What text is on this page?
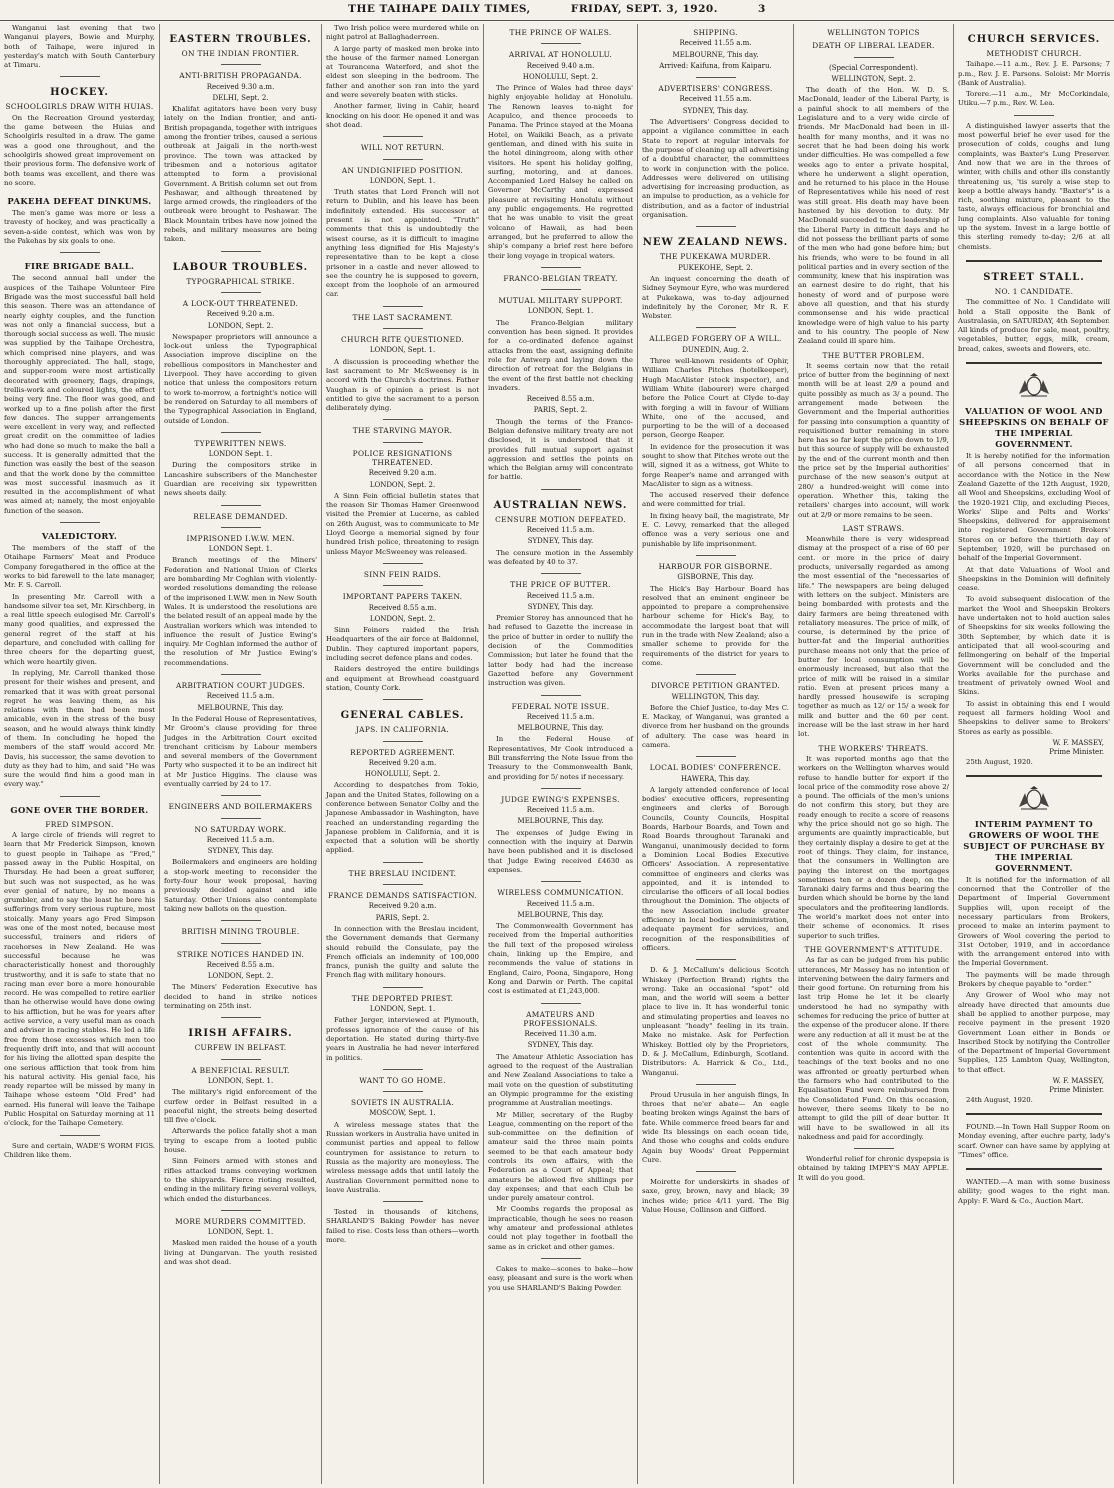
THE TAIHAPE DAILY TIMES,	FRIDAY, SEPT. 3, 1920.	3

Wanganui last evening that two Wanganui players, Bowie and Murphy, both of Taihape, were injured in yesterday's match with South Canterbury at Timaru.

HOCKEY.
SCHOOLGIRLS DRAW WITH HUIAS.

On the Recreation Ground yesterday, the game between the Huias and Schoolgirls resulted in a draw. The game was a good one throughout, and the schoolgirls showed great improvement on their previous form. The defensive work of both teams was excellent, and there was no score.

PAKEHA DEFEAT DINKUMS.

The men's game was more or less a travesty of hockey, and was practically a seven-a-side contest, which was won by the Pakehas by six goals to one.

FIRE BRIGADE BALL.

The second annual ball under the auspices of the Taihape Volunteer Fire Brigade was the most successful ball held this season. There was an attendance of nearly eighty couples, and the function was not only a financial success, but a thorough social success as well. The music was supplied by the Taihape Orchestra, which comprised nine players, and was thoroughly appreciated. The hall, stage, and supper-room were most artistically decorated with greenery, flags, drapings, trellis-work and coloured lights, the effect being very fine. The floor was good, and worked up to a fine polish after the first few dances. The supper arrangements were excellent in very way, and reflected great credit on the committee of ladies who had done so much to make the ball a success. It is generally admitted that the function was easily the best of the season and that the work done by the committee was most successful inasmuch as it resulted in the accomplishment of what was aimed at; namely, the most enjoyable function of the season.

VALEDICTORY.

The members of the staff of the Otaihape Farmers' Meat and Produce Company foregathered in the office at the works to bid farewell to the late manager, Mr. F. S. Carroll.

In presenting Mr. Carroll with a handsome silver tea set, Mr. Kirschberg, in a real little speech eulogised Mr. Carroll's many good qualities, and expressed the general regret of the staff at his departure, and concluded with calling for three cheers for the departing guest, which were heartily given.

In replying, Mr. Carroll thanked those present for their wishes and present, and remarked that it was with great personal regret he was leaving them, as his relations with them had been most amicable, even in the stress of the busy season, and he would always think kindly of them. In concluding he hoped the members of the staff would accord Mr. Davis, his successor, the same devotion to duty as they had to him, and said "He was sure the would find him a good man in every way."

GONE OVER THE BORDER.
FRED SIMPSON.

A large circle of friends will regret to learn that Mr Frederick Simpson, known to guest people in Taihape as "Fred," passed away in the Public Hospital, on Thursday. He had been a great sufferer, but such was not suspected, as he was ever genial of nature, by no means a grumbler, and to say the least he bore his sufferings from very serious rupture, most stoically. Many years ago Fred Simpson was one of the most noted, because most successful, trainers and riders of racehorses in New Zealand. He was successful because he was characteristically honest and thoroughly trustworthy, and it is safe to state that no racing man ever bore a more honourable record. He was compelled to retire earlier than he otherwise would have done owing to his affliction, but he was for years after active service, a very useful man as coach and adviser in racing stables. He led a life free from those excesses which men too frequently drift into, and that will account for his living the allotted span despite the one serious affliction that took from him his natural activity. His genial face, his ready repartee will be missed by many in Taihape whose esteem "Old Fred" had earned. His funeral will leave the Taihape Public Hospital on Saturday morning at 11 o'clock, for the Taihape Cemetery.

Sure and certain, WADE'S WORM FIGS. Children like them.

EASTERN TROUBLES.
ON THE INDIAN FRONTIER.
ANTI-BRITISH PROPAGANDA.
Received 9.30 a.m.
DELHI, Sept. 2.

Khalifat agitators have been very busy lately on the Indian frontier, and anti-British propaganda, together with intrigues among the frontier tribes, caused a serious outbreak at Jaigali in the north-west province. The town was attacked by tribesmen and a notorious agitator attempted to form a provisional Government. A British column set out from Peshawar, and although threatened by large armed crowds, the ringleaders of the outbreak were brought to Peshawar. The Black Mountain tribes have now joined the rebels, and military measures are being taken.

LABOUR TROUBLES.
TYPOGRAPHICAL STRIKE.
A LOCK-OUT THREATENED.
Received 9.20 a.m.
LONDON, Sept. 2.

Newspaper proprietors will announce a lock-out unless the Typographical Association improve discipline on the rebellious compositors in Manchester and Liverpool. They have according to given notice that unless the compositors return to work to-morrow, a fortnight's notice will be rendered on Saturday to all members of the Typographical Association in England, outside of London.

TYPEWRITTEN NEWS.
LONDON Sept. 1.

During the compositors strike in Lancashire subscribers of the Manchester Guardian are receiving six typewritten news sheets daily.

RELEASE DEMANDED.
IMPRISONED I.W.W. MEN.
LONDON Sept. 1.

Branch meetings of the Miners' Federation and National Union of Clerks are bombarding Mr Coghlan with violently-worded resolutions demanding the release of the imprisoned I.W.W. men in New South Wales. It is understood the resolutions are the belated result of an appeal made by the Australian workers which was intended to influence the result of Justice Ewing's inquiry. Mr Coghlan informed the author of the resolution of Mr Justice Ewing's recommendations.

ARBITRATION COURT JUDGES.
Received 11.5 a.m.
MELBOURNE, This day.

In the Federal House of Representatives, Mr Groom's clause providing for three Judges in the Arbitration Court excited trenchant criticism by Labour members and several members of the Government Party who suspected it to be an indirect hit at Mr Justice Higgins. The clause was eventually carried by 24 to 17.

ENGINEERS AND BOILERMAKERS
NO SATURDAY WORK.
Received 11.5 a.m.
SYDNEY, This day.

Boilermakers and engineers are holding a stop-work meeting to reconsider the forty-four hour week proposal, having previously decided against and idle Saturday. Other Unions also contemplate taking new ballots on the question.

BRITISH MINING TROUBLE.
STRIKE NOTICES HANDED IN.
Received 8.55 a.m.
LONDON, Sept. 2.

The Miners' Federation Executive has decided to hand in strike notices terminating on 25th inst.

IRISH AFFAIRS.
CURFEW IN BELFAST.
A BENEFICIAL RESULT.
LONDON, Sept. 1.

The military's rigid enforcement of the curfew order in Belfast resulted in a peaceful night, the streets being deserted till five o'clock.

Afterwards the police fatally shot a man trying to escape from a looted public house.

Sinn Feiners armed with stones and rifles attacked trams conveying workmen to the shipyards. Fierce rioting resulted, ending in the military firing several volleys, which ended the disturbances.

MORE MURDERS COMMITTED.
LONDON, Sept. 1.

Masked men raided the house of a youth living at Dungarvan. The youth resisted and was shot dead.

Two Irish police were murdered while on night patrol at Ballaghaderreen.

A large party of masked men broke into the house of the farmer named Lonergan at Tourancena Waterford, and shot the eldest son sleeping in the bedroom. The father and another son ran into the yard and were severely beaten with sticks.

Another farmer, living in Cahir, heard knocking on his door. He opened it and was shot dead.

WILL NOT RETURN.
AN UNDIGNIFIED POSITION.
LONDON, Sept. 1.

Truth states that Lord French will not return to Dublin, and his leave has been indefinitely extended. His successor at present is not appointed. "Truth" comments that this is undoubtedly the wisest course, as it is difficult to imagine anything less dignified for His Majesty's representative than to be kept a close prisoner in a castle and never allowed to see the country he is supposed to govern, except from the loophole of an armoured car.

THE LAST SACRAMENT.
CHURCH RITE QUESTIONED.
LONDON, Sept. 1.

A discussion is proceeding whether the last sacrament to Mr McSweeney is in accord with the Church's doctrines. Father Vaughan is of opinion a priest is not entitled to give the sacrament to a person deliberately dying.

THE STARVING MAYOR.
POLICE RESIGNATIONS THREATENED.
Received 9.20 a.m.
LONDON, Sept. 2.

A Sinn Fein official bulletin states that the reason Sir Thomas Hamer Greenwood visited the Premier at Lucerne, as cabled on 26th August, was to communicate to Mr Lloyd George a memorial signed by four hundred Irish police, threatening to resign unless Mayor McSweeney was released.

SINN FEIN RAIDS.
IMPORTANT PAPERS TAKEN.
Received 8.55 a.m.
LONDON, Sept. 2.

Sinn Feiners raided the Irish Headquarters of the air force at Baldonnel, Dublin. They captured important papers, including secret defence plans and codes.

Raiders destroyed the entire buildings and equipment at Browhead coastguard station, County Cork.

GENERAL CABLES.
JAPS. IN CALIFORNIA.
REPORTED AGREEMENT.
Received 9.20 a.m.
HONOLULU, Sept. 2.

According to despatches from Tokio, Japan and the United States, following on a conference between Senator Colby and the Japanese Ambassador in Washington, have reached an understanding regarding the Japanese problem in California, and it is expected that a solution will be shortly applied.

THE BRESLAU INCIDENT.
FRANCE DEMANDS SATISFACTION.
Received 9.20 a.m.
PARIS, Sept. 2.

In connection with the Breslau incident, the Government demands that Germany should rebuild the Consulate, pay the French officials an indemnity of 100,000 francs, punish the guilty and salute the French flag with military honours.

THE DEPORTED PRIEST.
LONDON, Sept. 1.

Father Jerger, interviewed at Plymouth, professes ignorance of the cause of his deportation. He stated during thirty-five years in Australia he had never interfered in politics.

WANT TO GO HOME.
SOVIETS IN AUSTRALIA.
MOSCOW, Sept. 1.

A wireless message states that the Russian workers in Australia have united in communist parties and appeal to fellow countrymen for assistance to return to Russia as the majority are moneyless. The wireless message adds that until lately the Australian Government permitted none to leave Australia.

Tested in thousands of kitchens, SHARLAND'S Baking Powder has never failed to rise. Costs less than others—worth more.

THE PRINCE OF WALES.
ARRIVAL AT HONOLULU.
Received 9.40 a.m.
HONOLULU, Sept. 2.

The Prince of Wales had three days' highly enjoyable holiday at Honolulu. The Renown leaves to-night for Acapulco, and thence proceeds to Panama. The Prince stayed at the Moana Hotel, on Waikiki Beach, as a private gentleman, and dined with his suite in the hotel diningroom, along with other visitors. He spent his holiday golfing, surfing, motoring, and at dances. Accompanied Lord Halsey he called on Governor McCarthy and expressed pleasure at revisiting Honolulu without any public engagements. He regretted that he was unable to visit the great volcano of Hawaii, as had been arranged, but he preferred to allow the ship's company a brief rest here before their long voyage in tropical waters.

FRANCO-BELGIAN TREATY.
MUTUAL MILITARY SUPPORT.
LONDON, Sept. 1.

The Franco-Belgian military convention has been signed. It provides for a co-ordinated defence against attacks from the east, assigning definite role for Antwerp and laying down the direction of retreat for the Belgians in the event of the first battle not checking invaders.

Received 8.55 a.m.
PARIS, Sept. 2.

Though the terms of the Franco-Belgian defensive military treaty are not disclosed, it is understood that it provides full mutual support against aggression and settles the points on which the Belgian army will concentrate for battle.

AUSTRALIAN NEWS.
CENSURE MOTION DEFEATED.
Received 11.5 a.m.
SYDNEY, This day.

The censure motion in the Assembly was defeated by 40 to 37.

THE PRICE OF BUTTER.
Received 11.5 a.m.
SYDNEY, This day.

Premier Storey has announced that he had refused to Gazette the increase in the price of butter in order to nullify the decision of the Commodities Commission; but later he found that the latter body had had the increase Gazetted before any Government instruction was given.

FEDERAL NOTE ISSUE.
Received 11.5 a.m.
MELBOURNE, This day.

In the Federal House of Representatives, Mr Cook introduced a Bill transferring the Note Issue from the Treasury to the Commonwealth Bank, and providing for 5/ notes if necessary.

JUDGE EWING'S EXPENSES.
Received 11.5 a.m.
MELBOURNE, This day.

The expenses of Judge Ewing in connection with the inquiry at Darwin have been published and it is disclosed that Judge Ewing received £4630 as expenses.

WIRELESS COMMUNICATION.
Received 11.5 a.m.
MELBOURNE, This day.

The Commonwealth Government has received from the Imperial authorities the full text of the proposed wireless chain, linking up the Empire, and recommends the value of stations in England, Cairo, Poona, Singapore, Hong Kong and Darwin or Perth. The capital cost is estimated at £1,243,000.

AMATEURS AND PROFESSIONALS.
Received 11.30 a.m.
SYDNEY, This day.

The Amateur Athletic Association has agreed to the request of the Australian and New Zealand Associations to take a mail vote on the question of substituting an Olympic programme for the existing programme at Australian meetings.

Mr Miller, secretary of the Rugby League, commenting on the report of the sub-committee on the definition of amateur said the three main points seemed to be that each amateur body controls its own affairs, with the Federation as a Court of Appeal; that amateurs be allowed five shillings per day expenses; and that each Club be under purely amateur control.

Mr Coombs regards the proposal as impracticable, though he sees no reason why amateur and professional athletes could not play together in football the same as in cricket and other games.

Cakes to make—scones to bake—how easy, pleasant and sure is the work when you use SHARLAND'S Baking Powder.

SHIPPING.
Received 11.55 a.m.
MELBOURNE, This day.
Arrived: Kaifuna, from Kaiparu.
ADVERTISERS' CONGRESS.
Received 11.55 a.m.
SYDNEY, This day.

The Advertisers' Congress decided to appoint a vigilance committee in each State to report at regular intervals for the purpose of cleaning up all advertising of a doubtful character, the committees to work in conjunction with the police. Addresses were delivered on utilising advertising for increasing production, as an impulse to production, as a vehicle for distribution, and as a factor of industrial organisation.

NEW ZEALAND NEWS.
THE PUKEKAWA MURDER.
PUKEKOHE, Sept. 2.

An inquest concerning the death of Sidney Seymour Eyre, who was murdered at Pukekawa, was to-day adjourned indefinitely by the Coroner, Mr R. F. Webster.

ALLEGED FORGERY OF A WILL.
DUNEDIN, Aug. 2.

Three well-known residents of Ophir, William Charles Pitches (hotelkeeper), Hugh MacAlister (stock inspector), and William White (labourer) were charged before the Police Court at Clyde to-day with forging a will in favour of William White, one of the accused, and purporting to be the will of a deceased person, George Reaper.

In evidence for the prosecution it was sought to show that Pitches wrote out the will, signed it as a witness, got White to forge Reaper's name and arranged with MacAlister to sign as a witness.

The accused reserved their defence and were committed for trial.

In fixing heavy bail, the magistrate, Mr E. C. Levvy, remarked that the alleged offence was a very serious one and punishable by life imprisonment.

HARBOUR FOR GISBORNE.
GISBORNE, This day.

The Hick's Bay Harbour Board has resolved that an eminent engineer be appointed to prepare a comprehensive harbour scheme for Hick's Bay, to accommodate the largest boat that will run in the trade with New Zealand; also a smaller scheme to provide for the requirements of the district for years to come.

DIVORCE PETITION GRANTED.
WELLINGTON, This day.

Before the Chief Justice, to-day Mrs C. E. Mackay, of Wanganui, was granted a divorce from her husband on the grounds of adultery. The case was heard in camera.

LOCAL BODIES' CONFERENCE.
HAWERA, This day.

A largely attended conference of local bodies' executive officers, representing engineers and clerks of Borough Councils, County Councils, Hospital Boards, Harbour Boards, and Town and Road Boards throughout Taranaki and Wanganui, unanimously decided to form a Dominion Local Bodies Executive Officers' Association. A representative committee of engineers and clerks was appointed, and it is intended to circularise the officers of all local bodies throughout the Dominion. The objects of the new Association include greater efficiency in local bodies administration, adequate payment for services, and recognition of the responsibilities of officers.

D. & J. McCallum's delicious Scotch Whiskey (Perfection Brand) rights the wrong. Take an occasional "spot" old man, and the world will seem a better place to live in. It has wonderful tonic and stimulating properties and leaves no unpleasant "heady" feeling in its train. Make no mistake. Ask for Perfection Whiskey. Bottled oly by the Proprietors, D. & J. McCallum, Edinburgh, Scotland. Distributors: A. Harrick & Co., Ltd., Wanganui.

Proud Urusula in her anguish flings, In throes that ne'er abate— An eagle beating broken wings Against the bars of fate. While commerce freed bears far and wide Its blessings on each ocean tide, And those who coughs and colds endure Again buy Woods' Great Peppermint Cure.

Moirette for underskirts in shades of saxe, grey, brown, navy and black; 39 inches wide; price 4/11 yard. The Big Value House, Collinson and Gifford.

WELLINGTON TOPICS
DEATH OF LIBERAL LEADER.
(Special Correspondent).
WELLINGTON, Sept. 2.

The death of the Hon. W. D. S. MacDonald, leader of the Liberal Party, is a painful shock to all members of the Legislature and to a very wide circle of friends. Mr MacDonald had been in ill-health for many months, and it was no secret that he had been doing his work under difficulties. He was compelled a few weeks ago to enter a private hospital, where he underwent a slight operation, and he returned to his place in the House of Representatives while his need of rest was still great. His death may have been hastened by his devotion to duty. Mr MacDonald succeeded to the leadership of the Liberal Party in difficult days and he did not possess the brilliant parts of some of the men who had gone before him; but his friends, who were to be found in all political parties and in every section of the community, knew that his inspiration was an earnest desire to do right, that his honesty of word and of purpose were above all question, and that his sturdy commonsense and his wide practical knowledge were of high value to his party and to his country. The people of New Zealand could ill spare him.

THE BUTTER PROBLEM.

It seems certain now that the retail price of butter from the beginning of next month will be at least 2/9 a pound and quite possibly as much as 3/ a pound. The arrangement made between the Government and the Imperial authorities for passing into consumption a quantity of requisitioned butter remaining in store here has so far kept the price down to 1/9, but this source of supply will be exhausted by the end of the current month and then the price set by the Imperial authorities' purchase of the new season's output at 280/ a hundred-weight will come into operation. Whether this, taking the retailers' charges into account, will work out at 2/9 or more remains to be seen.

LAST STRAWS.

Meanwhile there is very widespread dismay at the prospect of a rise of 60 per cent. or more in the price of dairy products, universally regarded as among the most essential of the "necessaries of life." The newspapers are being deluged with letters on the subject. Ministers are being bombarded with protests and the dairy farmers are being threatened with retaliatory measures. The price of milk, of course, is determined by the price of butter-fat and the Imperial authorities purchase means not only that the price of butter for local consumption will be enormously increased, but also that the price of milk will be raised in a similar ratio. Even at present prices many a hardly pressed housewife is scraping together as much as 12/ or 15/ a week for milk and butter and the 60 per cent. increase will be the last straw in her hard lot.

THE WORKERS' THREATS.

It was reported months ago that the workers on the Wellington wharves would refuse to handle butter for export if the local price of the commodity rose above 2/ a pound. The officials of the men's unions do not confirm this story, but they are ready enough to recite a score of reasons why the price should not go so high. The arguments are quaintly impracticable, but they certainly display a desire to get at the root of things. They claim, for instance, that the consumers in Wellington are paying the interest on the mortgages sometimes ten or a dozen deep, on the Taranaki dairy farms and thus bearing the burden which should be borne by the land speculators and the profiteering landlords. The world's market does not enter into their scheme of economics. It rises superior to such trifles.

THE GOVERNMENT'S ATTITUDE.

As far as can be judged from his public utterances, Mr Massey has no intention of intervening between the dairy farmers and their good fortune. On returning from his last trip Home he let it be clearly understood he had no sympathy with schemes for reducing the price of butter at the expense of the producer alone. If there were any reduction at all it must be at the cost of the whole community. The contention was quite in accord with the teachings of the text books and no one was affronted or greatly perturbed when the farmers who had contributed to the Equalisation Fund were reimbursed from the Consolidated Fund. On this occasion, however, there seems likely to be no attempt to gild the pill of dear butter. It will have to be swallowed in all its nakedness and paid for accordingly.

Wonderful relief for chronic dyspepsia is obtained by taking IMPEY'S MAY APPLE. It will do you good.

CHURCH SERVICES.
METHODIST CHURCH.

Taihape.—11 a.m., Rev. J. E. Parsons; 7 p.m., Rev. J. E. Parsons. Soloist: Mr Morris (Bank of Australia).

Torere.—11 a.m., Mr McCorkindale, Utiku.—7 p.m., Rev. W. Lea.

A distinguished lawyer asserts that the most powerful brief he ever used for the prosecution of colds, coughs and lung complaints, was Baxter's Lung Preserver. And now that we are in the throes of winter, with chills and other ills constantly threatening us, 'tis surely a wise step to keep a bottle always handy. "Baxter's" is a rich, soothing mixture, pleasant to the taste, always efficacious for bronchial and lung complaints. Also valuable for toning up the system. Invest in a large bottle of this sterling remedy to-day; 2/6 at all chemists.

STREET STALL.
NO. 1 CANDIDATE.

The committee of No. 1 Candidate will hold a Stall opposite the Bank of Australasia, on SATURDAY, 4th September. All kinds of produce for sale, meat, poultry, vegetables, butter, eggs, milk, cream, bread, cakes, sweets and flowers, etc.

VALUATION OF WOOL AND SHEEPSKINS ON BEHALF OF THE IMPERIAL GOVERNMENT.

It is hereby notified for the information of all persons concerned that in accordance with the Notice in the New Zealand Gazette of the 12th August, 1920, all Wool and Sheepskins, excluding Wool of the 1920-1921 Clip, and excluding Pieces, Works' Slipe and Pelts and Works' Sheepskins, delivered for appraisement into registered Government Brokers' Stores on or before the thirtieth day of September, 1920, will be purchased on behalf of the Imperial Government.

At that date Valuations of Wool and Sheepskins in the Dominion will definitely cease.

To avoid subsequent dislocation of the market the Wool and Sheepskin Brokers have undertaken not to hold auction sales of Sheepskins for six weeks following the 30th September, by which date it is anticipated that all wool-scouring and fellmongering on behalf of the Imperial Government will be concluded and the Works available for the purchase and treatment of privately owned Wool and Skins.

To assist in obtaining this end I would request all farmers holding Wool and Sheepskins to deliver same to Brokers' Stores as early as possible.

W. F. MASSEY,
Prime Minister.

25th August, 1920.

INTERIM PAYMENT TO GROWERS OF WOOL THE SUBJECT OF PURCHASE BY THE IMPERIAL GOVERNMENT.

It is notified for the information of all concerned that the Controller of the Department of Imperial Government Supplies will, upon receipt of the necessary particulars from Brokers, proceed to make an interim payment to Growers of Wool covering the period to 31st October, 1919, and in accordance with the arrangement entered into with the Imperial Government.

The payments will be made through Brokers by cheque payable to "order."

Any Grower of Wool who may not already have directed that amounts due shall be applied to another purpose, may receive payment in the present 1920 Government Loan either in Bonds or Inscribed Stock by notifying the Controller of the Department of Imperial Government Supplies, 125 Lambton Quay, Wellington, to that effect.

W. F. MASSEY,
Prime Minister.

24th August, 1920.

FOUND.—In Town Hall Supper Room on Monday evening, after euchre party, lady's scarf. Owner can have same by applying at "Times" office.

WANTED.—A man with some business ability; good wages to the right man. Apply: F. Ward & Co., Auction Mart.
